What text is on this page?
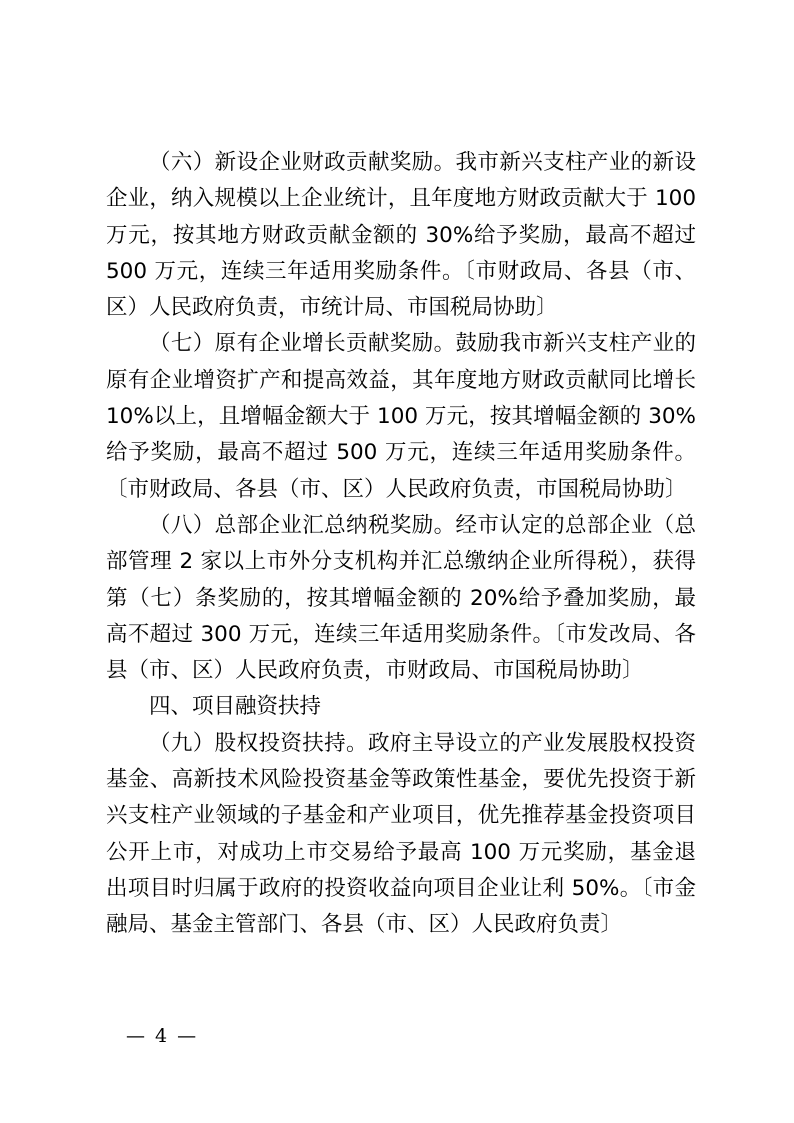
（六）新设企业财政贡献奖励。我市新兴支柱产业的新设企业，纳入规模以上企业统计，且年度地方财政贡献大于 100 万元，按其地方财政贡献金额的 30%给予奖励，最高不超过 500 万元，连续三年适用奖励条件。〔市财政局、各县（市、区）人民政府负责，市统计局、市国税局协助〕

（七）原有企业增长贡献奖励。鼓励我市新兴支柱产业的原有企业增资扩产和提高效益，其年度地方财政贡献同比增长 10%以上，且增幅金额大于 100 万元，按其增幅金额的 30%给予奖励，最高不超过 500 万元，连续三年适用奖励条件。〔市财政局、各县（市、区）人民政府负责，市国税局协助〕

（八）总部企业汇总纳税奖励。经市认定的总部企业（总部管理 2 家以上市外分支机构并汇总缴纳企业所得税），获得第（七）条奖励的，按其增幅金额的 20%给予叠加奖励，最高不超过 300 万元，连续三年适用奖励条件。〔市发改局、各县（市、区）人民政府负责，市财政局、市国税局协助〕

四、项目融资扶持

（九）股权投资扶持。政府主导设立的产业发展股权投资基金、高新技术风险投资基金等政策性基金，要优先投资于新兴支柱产业领域的子基金和产业项目，优先推荐基金投资项目公开上市，对成功上市交易给予最高 100 万元奖励，基金退出项目时归属于政府的投资收益向项目企业让利 50%。〔市金融局、基金主管部门、各县（市、区）人民政府负责〕

— 4 —
